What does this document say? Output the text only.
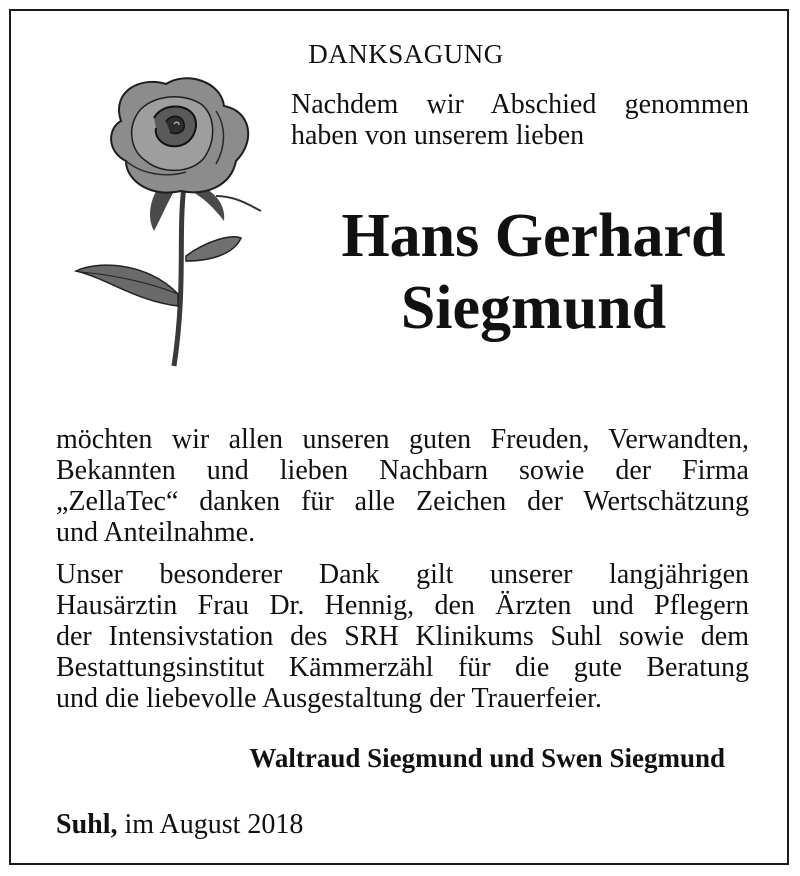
DANKSAGUNG
Nachdem wir Abschied genommen
haben von unserem lieben
Hans Gerhard
Siegmund
möchten wir allen unseren guten Freuden, Verwandten,
Bekannten und lieben Nachbarn sowie der Firma
„ZellaTec“ danken für alle Zeichen der Wertschätzung
und Anteilnahme.
Unser besonderer Dank gilt unserer langjährigen
Hausärztin Frau Dr. Hennig, den Ärzten und Pflegern
der Intensivstation des SRH Klinikums Suhl sowie dem
Bestattungsinstitut Kämmerzähl für die gute Beratung
und die liebevolle Ausgestaltung der Trauerfeier.
Waltraud Siegmund und Swen Siegmund
Suhl, im August 2018
